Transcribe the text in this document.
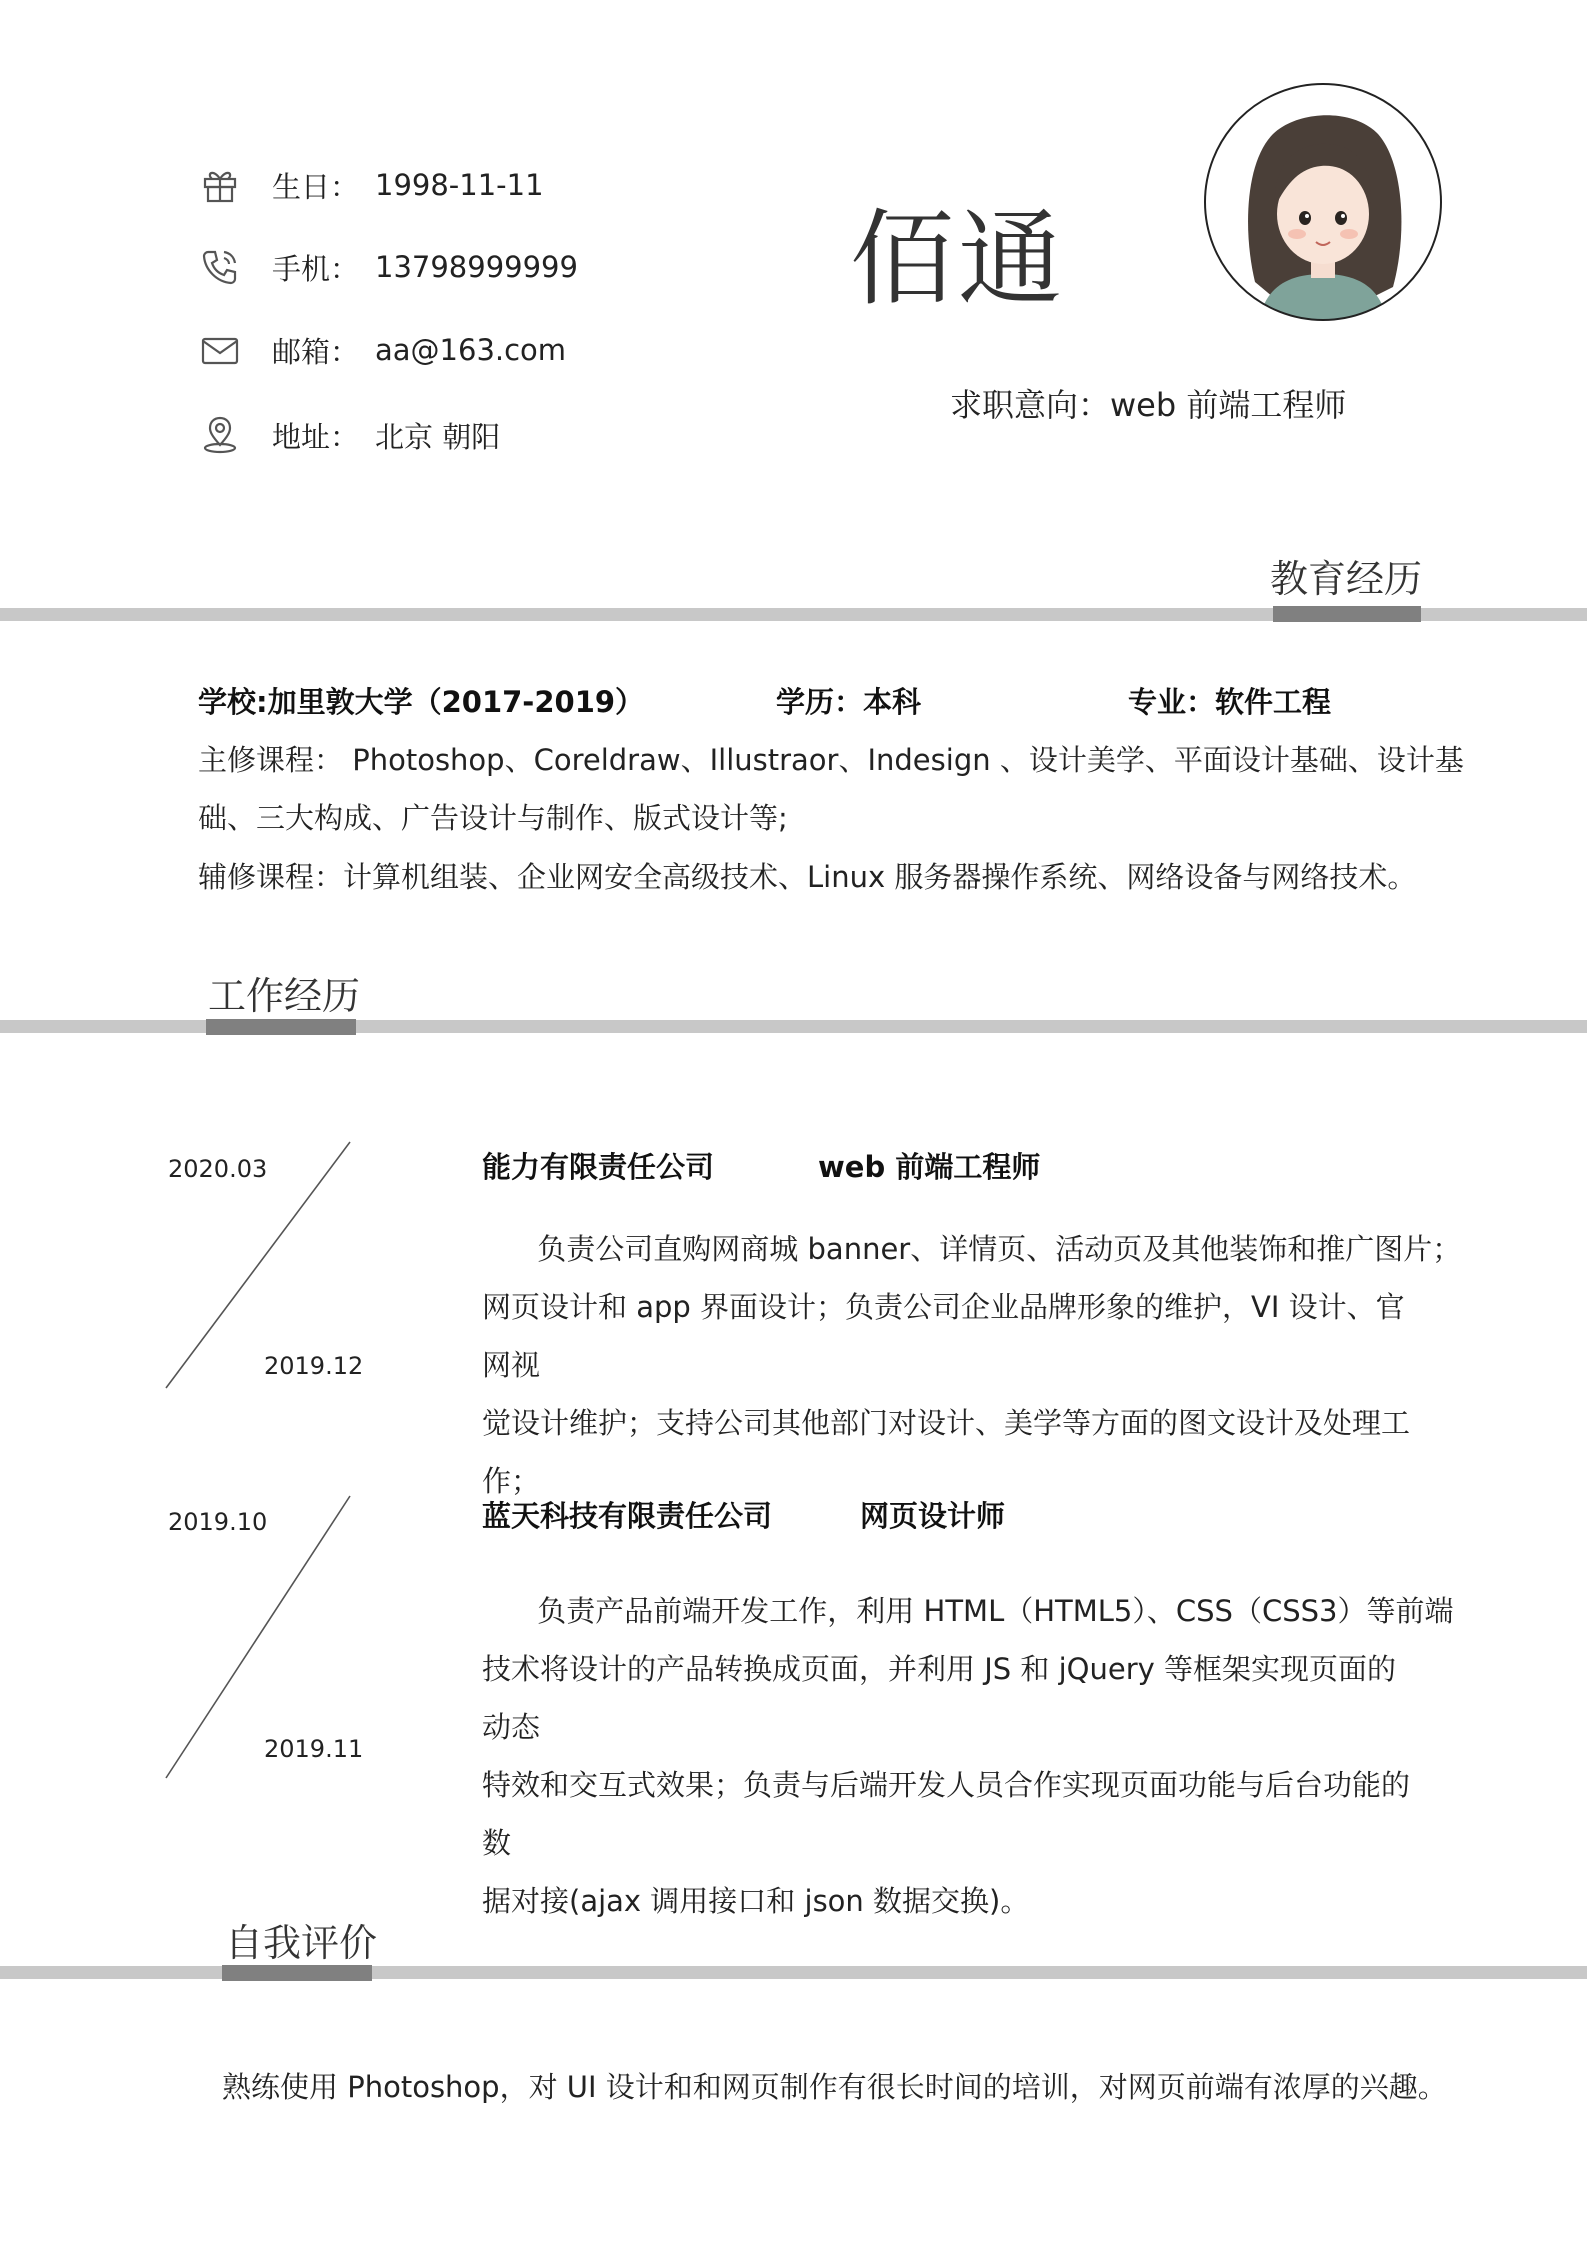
生日： 1998-11-11
手机： 13798999999
邮箱： aa@163.com
地址： 北京 朝阳
佰通
求职意向：web 前端工程师
教育经历
学校:加里敦大学（2017-2019）	学历：本科	专业：软件工程
主修课程： Photoshop、Coreldraw、Illustraor、Indesign 、设计美学、平面设计基础、设计基
础、三大构成、广告设计与制作、版式设计等;
辅修课程：计算机组装、企业网安全高级技术、Linux 服务器操作系统、网络设备与网络技术。
工作经历
2020.03
2019.12
能力有限责任公司	web 前端工程师

负责公司直购网商城 banner、详情页、活动页及其他装饰和推广图片；

网页设计和 app 界面设计；负责公司企业品牌形象的维护，VI 设计、官网视

觉设计维护；支持公司其他部门对设计、美学等方面的图文设计及处理工作；

2019.10
2019.11
蓝天科技有限责任公司	网页设计师

负责产品前端开发工作，利用 HTML（HTML5）、CSS（CSS3）等前端

技术将设计的产品转换成页面，并利用 JS 和 jQuery 等框架实现页面的动态

特效和交互式效果；负责与后端开发人员合作实现页面功能与后台功能的数

据对接(ajax 调用接口和 json 数据交换)。

自我评价
熟练使用 Photoshop，对 UI 设计和和网页制作有很长时间的培训，对网页前端有浓厚的兴趣。
